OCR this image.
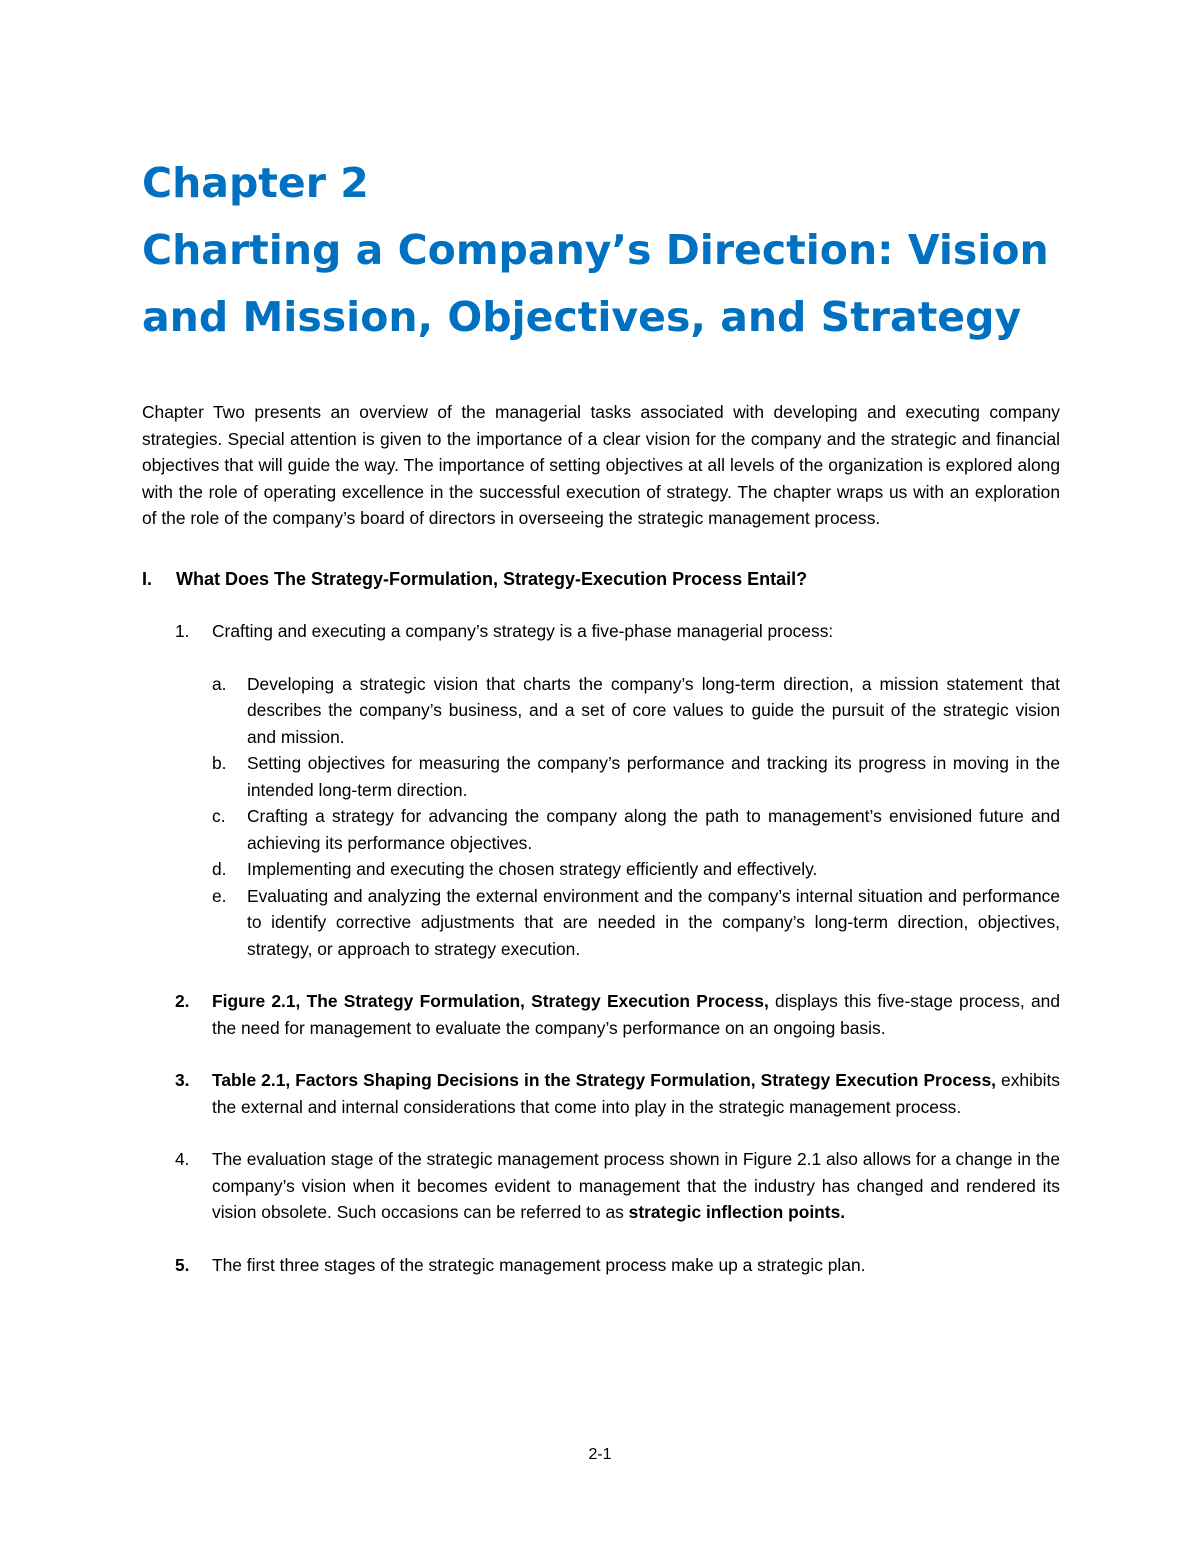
Chapter 2
Charting a Company’s Direction: Vision
and Mission, Objectives, and Strategy

Chapter Two presents an overview of the managerial tasks associated with developing and executing company strategies. Special attention is given to the importance of a clear vision for the company and the strategic and financial objectives that will guide the way. The importance of setting objectives at all levels of the organization is explored along with the role of operating excellence in the successful execution of strategy. The chapter wraps us with an exploration of the role of the company’s board of directors in overseeing the strategic management process.

I.	What Does The Strategy-Formulation, Strategy-Execution Process Entail?
1.	Crafting and executing a company’s strategy is a five-phase managerial process:
a.	Developing a strategic vision that charts the company’s long-term direction, a mission statement that describes the company’s business, and a set of core values to guide the pursuit of the strategic vision and mission.
b.	Setting objectives for measuring the company’s performance and tracking its progress in moving in the intended long-term direction.
c.	Crafting a strategy for advancing the company along the path to management’s envisioned future and achieving its performance objectives.
d.	Implementing and executing the chosen strategy efficiently and effectively.
e.	Evaluating and analyzing the external environment and the company’s internal situation and performance to identify corrective adjustments that are needed in the company’s long-term direction, objectives, strategy, or approach to strategy execution.
2.	Figure 2.1, The Strategy Formulation, Strategy Execution Process, displays this five-stage process, and the need for management to evaluate the company’s performance on an ongoing basis.
3.	Table 2.1, Factors Shaping Decisions in the Strategy Formulation, Strategy Execution Process, exhibits the external and internal considerations that come into play in the strategic management process.
4.	The evaluation stage of the strategic management process shown in Figure 2.1 also allows for a change in the company’s vision when it becomes evident to management that the industry has changed and rendered its vision obsolete. Such occasions can be referred to as strategic inflection points.
5.	The first three stages of the strategic management process make up a strategic plan.
2-1
